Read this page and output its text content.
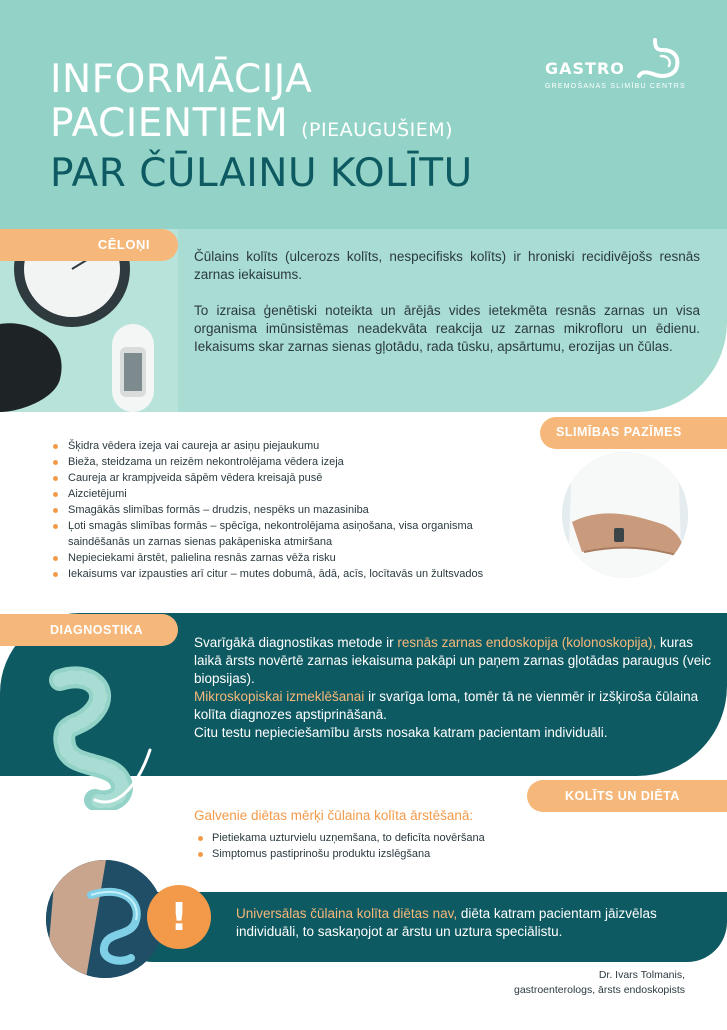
INFORMĀCIJA
PACIENTIEM (PIEAUGUŠIEM)
PAR ČŪLAINU KOLĪTU
GASTRO
GREMOŠANAS SLIMĪBU CENTRS
CĒLOŅI

Čūlains kolīts (ulcerozs kolīts, nespecifisks kolīts) ir hroniski recidivējošs resnās zarnas iekaisums.

To izraisa ģenētiski noteikta un ārējās vides ietekmēta resnās zarnas un visa organisma imūnsistēmas neadekvāta reakcija uz zarnas mikrofloru un ēdienu. Iekaisums skar zarnas sienas gļotādu, rada tūsku, apsārtumu, erozijas un čūlas.

SLIMĪBAS PAZĪMES
Šķidra vēdera izeja vai caureja ar asiņu piejaukumu
Bieža, steidzama un reizēm nekontrolējama vēdera izeja
Caureja ar krampjveida sāpēm vēdera kreisajā pusē
Aizcietējumi
Smagākās slimības formās – drudzis, nespēks un mazasiniba
Ļoti smagās slimības formās – spēcīga, nekontrolējama asiņošana, visa organisma saindēšanās un zarnas sienas pakāpeniska atmiršana
Nepieciekami ārstēt, palielina resnās zarnas vēža risku
Iekaisums var izpausties arī citur – mutes dobumā, ādā, acīs, locītavās un žultsvados
DIAGNOSTIKA
Svarīgākā diagnostikas metode ir resnās zarnas endoskopija (kolonoskopija), kuras laikā ārsts novērtē zarnas iekaisuma pakāpi un paņem zarnas gļotādas paraugus (veic biopsijas).
Mikroskopiskai izmeklēšanai ir svarīga loma, tomēr tā ne vienmēr ir izšķiroša čūlaina kolīta diagnozes apstiprināšanā.
Citu testu nepieciešamību ārsts nosaka katram pacientam individuāli.
KOLĪTS UN DIĒTA
Galvenie diētas mērķi čūlaina kolīta ārstēšanā:
Pietiekama uzturvielu uzņemšana, to deficīta novēršana
Simptomus pastiprinošu produktu izslēgšana
!	Universālas čūlaina kolīta diētas nav, diēta katram pacientam jāizvēlas individuāli, to saskaņojot ar ārstu un uztura speciālistu.
Dr. Ivars Tolmanis,
gastroenterologs, ārsts endoskopists
